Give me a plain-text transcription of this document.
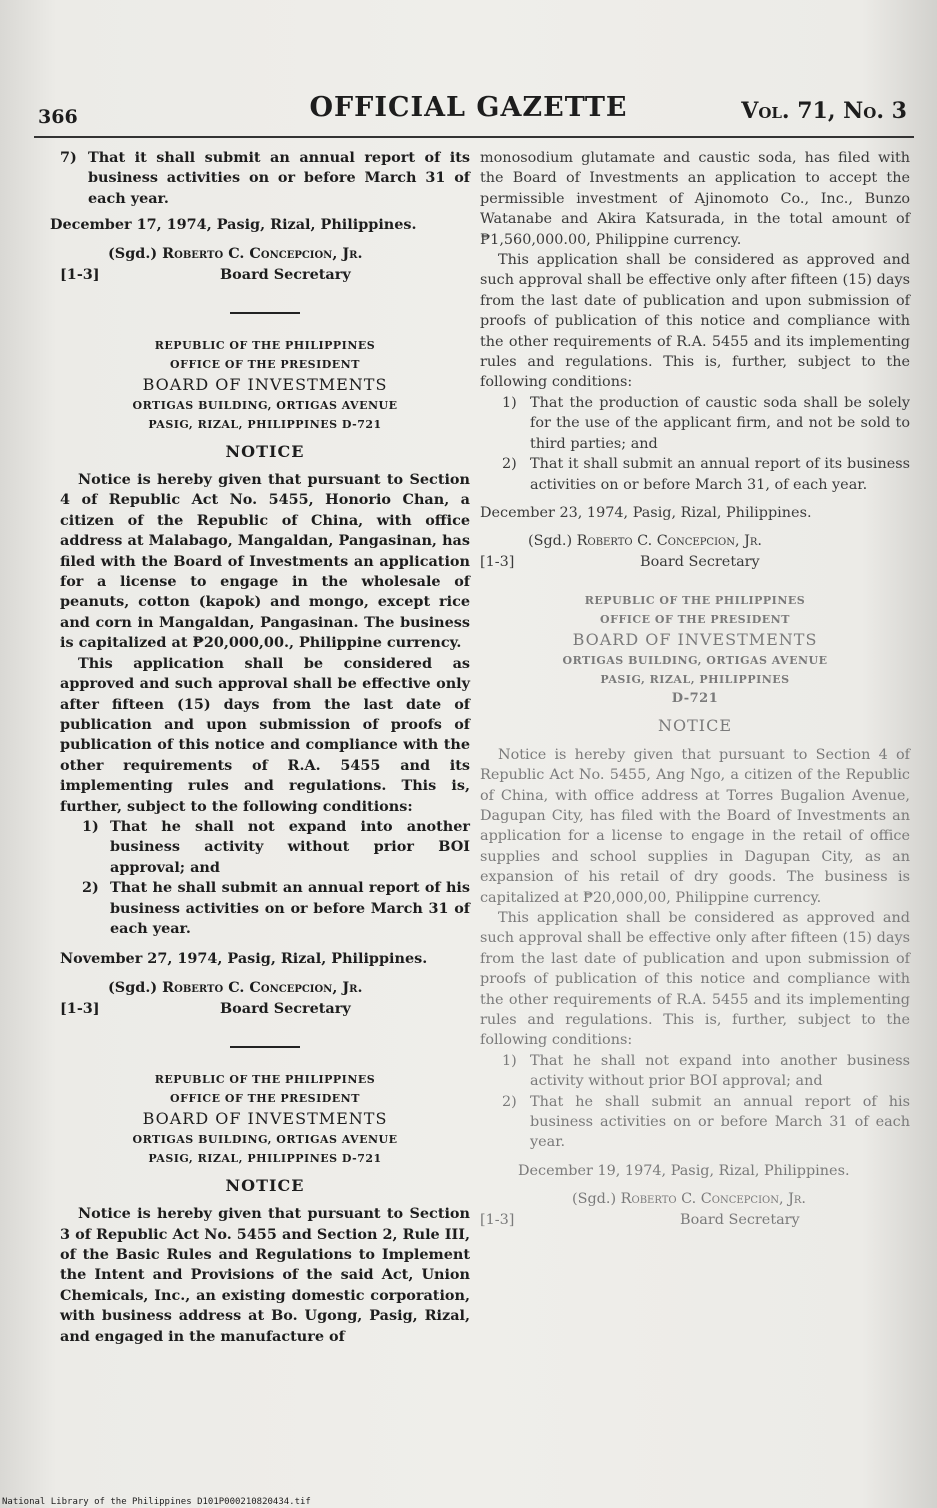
366	OFFICIAL GAZETTE	Vol. 71, No. 3
7) That it shall submit an annual report of its business activities on or before March 31 of each year.

December 17, 1974, Pasig, Rizal, Philippines.

(Sgd.) Roberto C. Concepcion, Jr.
[1-3]	Board Secretary
REPUBLIC OF THE PHILIPPINES
OFFICE OF THE PRESIDENT
BOARD OF INVESTMENTS
ORTIGAS BUILDING, ORTIGAS AVENUE
PASIG, RIZAL, PHILIPPINES D-721
NOTICE

Notice is hereby given that pursuant to Section 4 of Republic Act No. 5455, Honorio Chan, a citizen of the Republic of China, with office address at Malabago, Mangaldan, Pangasinan, has filed with the Board of Investments an application for a license to engage in the wholesale of peanuts, cotton (kapok) and mongo, except rice and corn in Mangaldan, Pangasinan. The business is capitalized at ₱20,000,00., Philippine currency.

This application shall be considered as approved and such approval shall be effective only after fifteen (15) days from the last date of publication and upon submission of proofs of publication of this notice and compliance with the other requirements of R.A. 5455 and its implementing rules and regulations. This is, further, subject to the following conditions:

1) That he shall not expand into another business activity without prior BOI approval; and
2) That he shall submit an annual report of his business activities on or before March 31 of each year.

November 27, 1974, Pasig, Rizal, Philippines.

(Sgd.) Roberto C. Concepcion, Jr.
[1-3]	Board Secretary
REPUBLIC OF THE PHILIPPINES
OFFICE OF THE PRESIDENT
BOARD OF INVESTMENTS
ORTIGAS BUILDING, ORTIGAS AVENUE
PASIG, RIZAL, PHILIPPINES D-721
NOTICE

Notice is hereby given that pursuant to Section 3 of Republic Act No. 5455 and Section 2, Rule III, of the Basic Rules and Regulations to Implement the Intent and Provisions of the said Act, Union Chemicals, Inc., an existing domestic corporation, with business address at Bo. Ugong, Pasig, Rizal, and engaged in the manufacture of

monosodium glutamate and caustic soda, has filed with the Board of Investments an application to accept the permissible investment of Ajinomoto Co., Inc., Bunzo Watanabe and Akira Katsurada, in the total amount of ₱1,560,000.00, Philippine currency.

This application shall be considered as approved and such approval shall be effective only after fifteen (15) days from the last date of publication and upon submission of proofs of publication of this notice and compliance with the other requirements of R.A. 5455 and its implementing rules and regulations. This is, further, subject to the following conditions:

1) That the production of caustic soda shall be solely for the use of the applicant firm, and not be sold to third parties; and
2) That it shall submit an annual report of its business activities on or before March 31, of each year.

December 23, 1974, Pasig, Rizal, Philippines.

(Sgd.) Roberto C. Concepcion, Jr.
[1-3]	Board Secretary
REPUBLIC OF THE PHILIPPINES
OFFICE OF THE PRESIDENT
BOARD OF INVESTMENTS
ORTIGAS BUILDING, ORTIGAS AVENUE
PASIG, RIZAL, PHILIPPINES
D-721
NOTICE

Notice is hereby given that pursuant to Section 4 of Republic Act No. 5455, Ang Ngo, a citizen of the Republic of China, with office address at Torres Bugalion Avenue, Dagupan City, has filed with the Board of Investments an application for a license to engage in the retail of office supplies and school supplies in Dagupan City, as an expansion of his retail of dry goods. The business is capitalized at ₱20,000,00, Philippine currency.

This application shall be considered as approved and such approval shall be effective only after fifteen (15) days from the last date of publication and upon submission of proofs of publication of this notice and compliance with the other requirements of R.A. 5455 and its implementing rules and regulations. This is, further, subject to the following conditions:

1) That he shall not expand into another business activity without prior BOI approval; and
2) That he shall submit an annual report of his business activities on or before March 31 of each year.

December 19, 1974, Pasig, Rizal, Philippines.

(Sgd.) Roberto C. Concepcion, Jr.
[1-3]	Board Secretary
National Library of the Philippines D101P000210820434.tif
